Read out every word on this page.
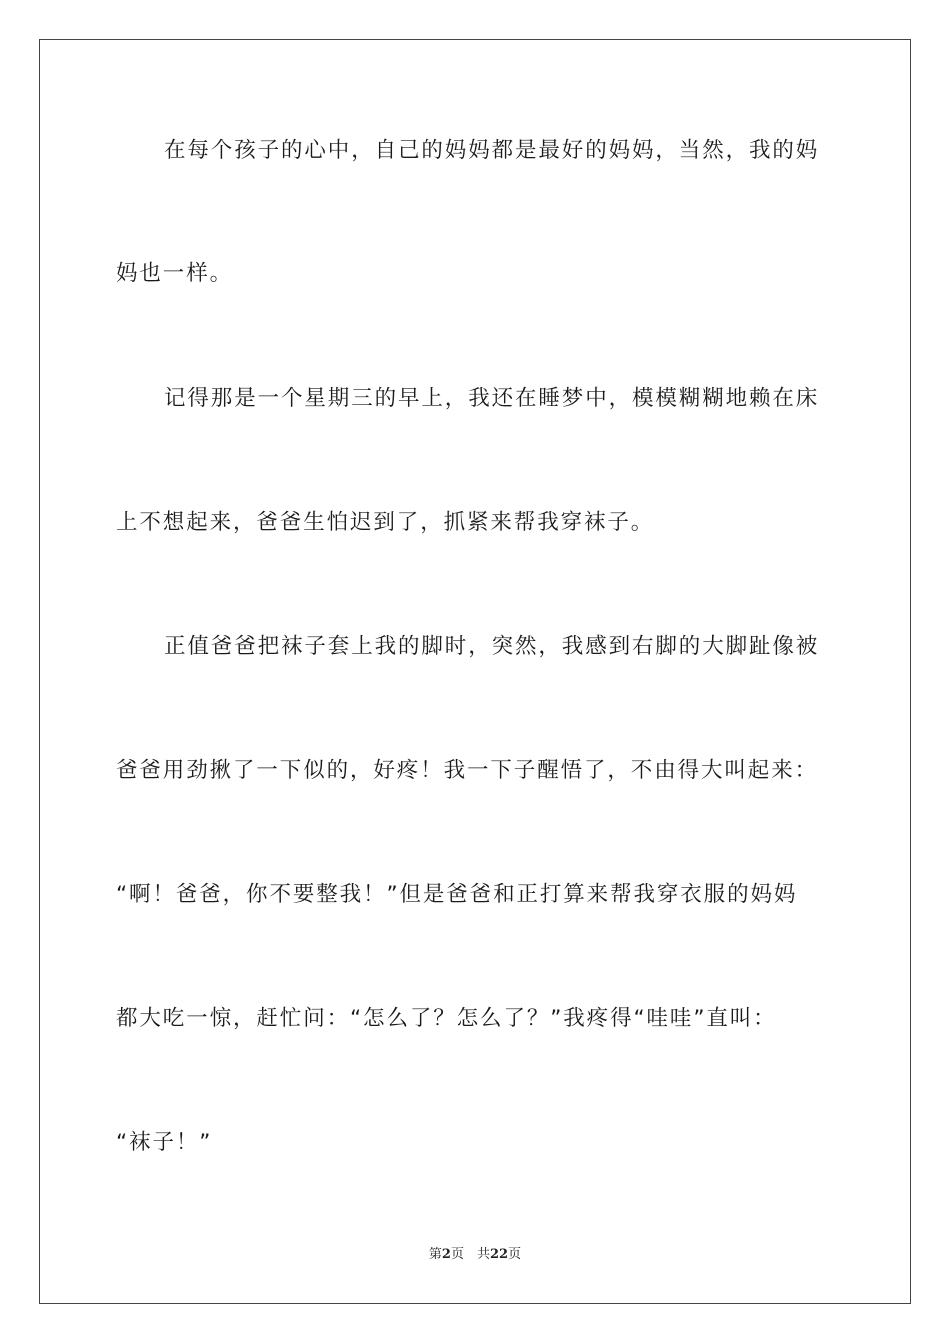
在每个孩子的心中，自己的妈妈都是最好的妈妈，当然，我的妈
妈也一样。
记得那是一个星期三的早上，我还在睡梦中，模模糊糊地赖在床
上不想起来，爸爸生怕迟到了，抓紧来帮我穿袜子。
正值爸爸把袜子套上我的脚时，突然，我感到右脚的大脚趾像被
爸爸用劲揪了一下似的，好疼！我一下子醒悟了，不由得大叫起来：
“啊！爸爸，你不要整我！”但是爸爸和正打算来帮我穿衣服的妈妈
都大吃一惊，赶忙问：“怎么了？怎么了？”我疼得“哇哇”直叫：
“袜子！”
第2页　共22页
